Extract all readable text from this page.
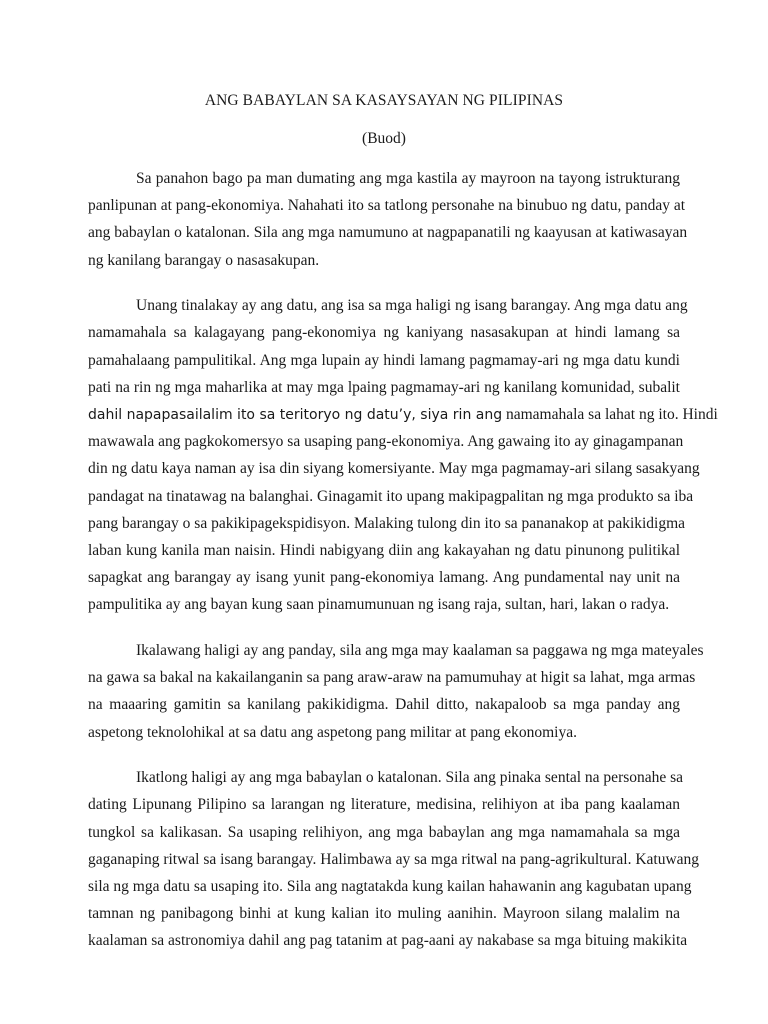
ANG BABAYLAN SA KASAYSAYAN NG PILIPINAS
(Buod)

Sa panahon bago pa man dumating ang mga kastila ay mayroon na tayong istrukturang
panlipunan at pang-ekonomiya. Nahahati ito sa tatlong personahe na binubuo ng datu, panday at
ang babaylan o katalonan. Sila ang mga namumuno at nagpapanatili ng kaayusan at katiwasayan
ng kanilang barangay o nasasakupan.

Unang tinalakay ay ang datu, ang isa sa mga haligi ng isang barangay. Ang mga datu ang
namamahala sa kalagayang pang-ekonomiya ng kaniyang nasasakupan at hindi lamang sa
pamahalaang pampulitikal. Ang mga lupain ay hindi lamang pagmamay-ari ng mga datu kundi
pati na rin ng mga maharlika at may mga lpaing pagmamay-ari ng kanilang komunidad, subalit
dahil napapasailalim ito sa teritoryo ng datu’y, siya rin ang namamahala sa lahat ng ito. Hindi
mawawala ang pagkokomersyo sa usaping pang-ekonomiya. Ang gawaing ito ay ginagampanan
din ng datu kaya naman ay isa din siyang komersiyante. May mga pagmamay-ari silang sasakyang
pandagat na tinatawag na balanghai. Ginagamit ito upang makipagpalitan ng mga produkto sa iba
pang barangay o sa pakikipagekspidisyon. Malaking tulong din ito sa pananakop at pakikidigma
laban kung kanila man naisin. Hindi nabigyang diin ang kakayahan ng datu pinunong pulitikal
sapagkat ang barangay ay isang yunit pang-ekonomiya lamang. Ang pundamental nay unit na
pampulitika ay ang bayan kung saan pinamumunuan ng isang raja, sultan, hari, lakan o radya.

Ikalawang haligi ay ang panday, sila ang mga may kaalaman sa paggawa ng mga mateyales
na gawa sa bakal na kakailanganin sa pang araw-araw na pamumuhay at higit sa lahat, mga armas
na maaaring gamitin sa kanilang pakikidigma. Dahil ditto, nakapaloob sa mga panday ang
aspetong teknolohikal at sa datu ang aspetong pang militar at pang ekonomiya.

Ikatlong haligi ay ang mga babaylan o katalonan. Sila ang pinaka sental na personahe sa
dating Lipunang Pilipino sa larangan ng literature, medisina, relihiyon at iba pang kaalaman
tungkol sa kalikasan. Sa usaping relihiyon, ang mga babaylan ang mga namamahala sa mga
gaganaping ritwal sa isang barangay. Halimbawa ay sa mga ritwal na pang-agrikultural. Katuwang
sila ng mga datu sa usaping ito. Sila ang nagtatakda kung kailan hahawanin ang kagubatan upang
tamnan ng panibagong binhi at kung kalian ito muling aanihin. Mayroon silang malalim na
kaalaman sa astronomiya dahil ang pag tatanim at pag-aani ay nakabase sa mga bituing makikita
